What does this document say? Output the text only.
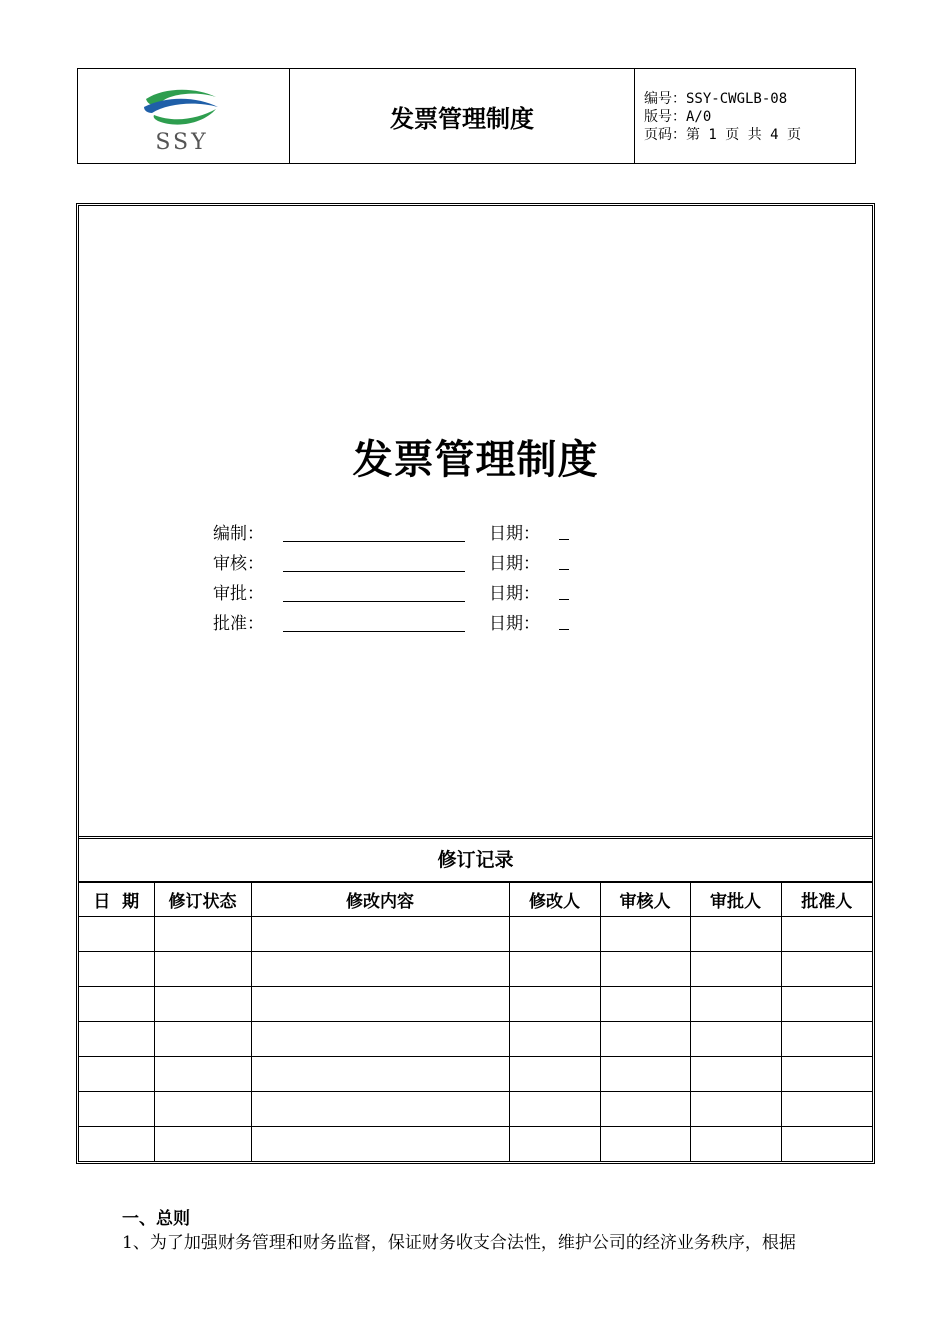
SSY
发票管理制度
编号：SSY-CWGLB-08
版号：A/0
页码：第 1 页 共 4 页
发票管理制度
编制：	日期：
审核：	日期：
审批：	日期：
批准：	日期：
修订记录
日  期	修订状态	修改内容	修改人	审核人	审批人	批准人

一、总则
1、为了加强财务管理和财务监督，保证财务收支合法性，维护公司的经济业务秩序，根据
